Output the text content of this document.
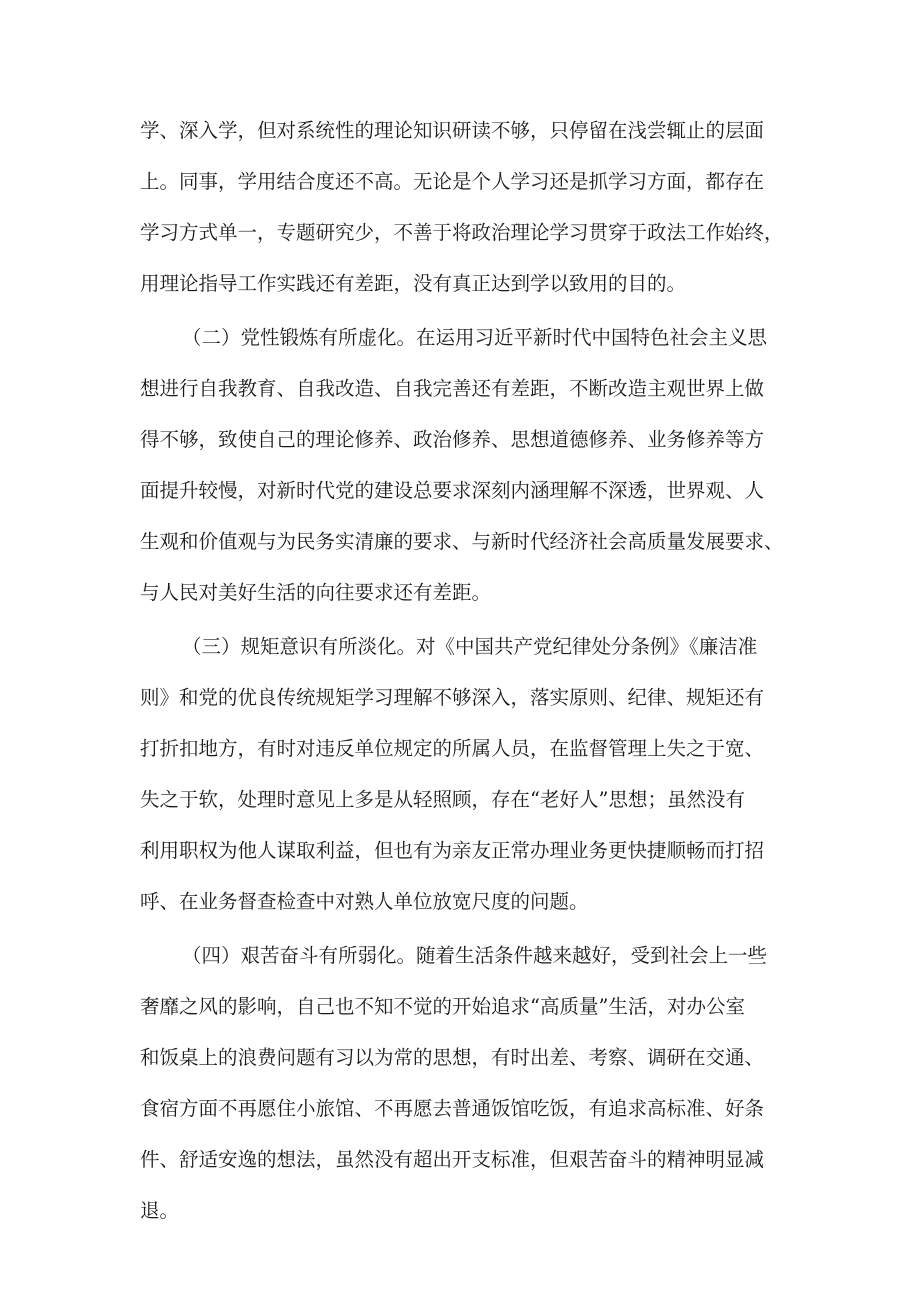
学、深入学，但对系统性的理论知识研读不够，只停留在浅尝辄止的层面
上。同事，学用结合度还不高。无论是个人学习还是抓学习方面，都存在
学习方式单一，专题研究少，不善于将政治理论学习贯穿于政法工作始终，
用理论指导工作实践还有差距，没有真正达到学以致用的目的。
（二）党性锻炼有所虚化。在运用习近平新时代中国特色社会主义思
想进行自我教育、自我改造、自我完善还有差距，不断改造主观世界上做
得不够，致使自己的理论修养、政治修养、思想道德修养、业务修养等方
面提升较慢，对新时代党的建设总要求深刻内涵理解不深透，世界观、人
生观和价值观与为民务实清廉的要求、与新时代经济社会高质量发展要求、
与人民对美好生活的向往要求还有差距。
（三）规矩意识有所淡化。对《中国共产党纪律处分条例》《廉洁准
则》和党的优良传统规矩学习理解不够深入，落实原则、纪律、规矩还有
打折扣地方，有时对违反单位规定的所属人员，在监督管理上失之于宽、
失之于软，处理时意见上多是从轻照顾，存在“老好人”思想；虽然没有
利用职权为他人谋取利益，但也有为亲友正常办理业务更快捷顺畅而打招
呼、在业务督查检查中对熟人单位放宽尺度的问题。
（四）艰苦奋斗有所弱化。随着生活条件越来越好，受到社会上一些
奢靡之风的影响，自己也不知不觉的开始追求“高质量”生活，对办公室
和饭桌上的浪费问题有习以为常的思想，有时出差、考察、调研在交通、
食宿方面不再愿住小旅馆、不再愿去普通饭馆吃饭，有追求高标准、好条
件、舒适安逸的想法，虽然没有超出开支标准，但艰苦奋斗的精神明显减
退。
